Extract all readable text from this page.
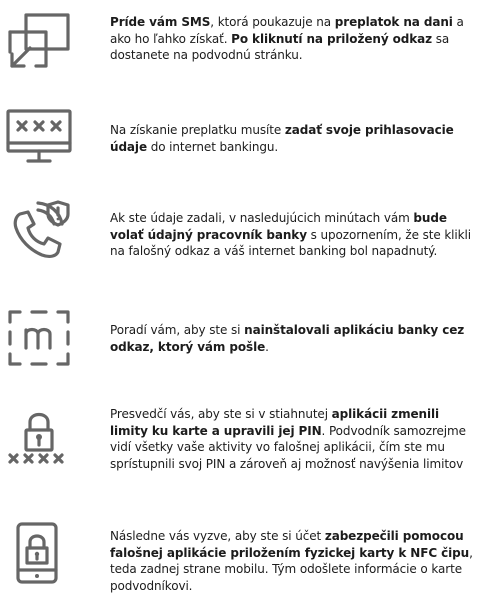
Príde vám SMS, ktorá poukazuje na preplatok na dani a ako ho ľahko získať. Po kliknutí na priložený odkaz sa dostanete na podvodnú stránku.
Na získanie preplatku musíte zadať svoje prihlasovacie údaje do internet bankingu.
Ak ste údaje zadali, v nasledujúcich minútach vám bude volať údajný pracovník banky s upozornením, že ste klikli na falošný odkaz a váš internet banking bol napadnutý.
Poradí vám, aby ste si nainštalovali aplikáciu banky cez odkaz, ktorý vám pošle.
Presvedčí vás, aby ste si v stiahnutej aplikácii zmenili limity ku karte a upravili jej PIN. Podvodník samozrejme vidí všetky vaše aktivity vo falošnej aplikácii, čím ste mu sprístupnili svoj PIN a zároveň aj možnosť navýšenia limitov
Následne vás vyzve, aby ste si účet zabezpečili pomocou falošnej aplikácie priložením fyzickej karty k NFC čipu, teda zadnej strane mobilu. Tým odošlete informácie o karte podvodníkovi.
